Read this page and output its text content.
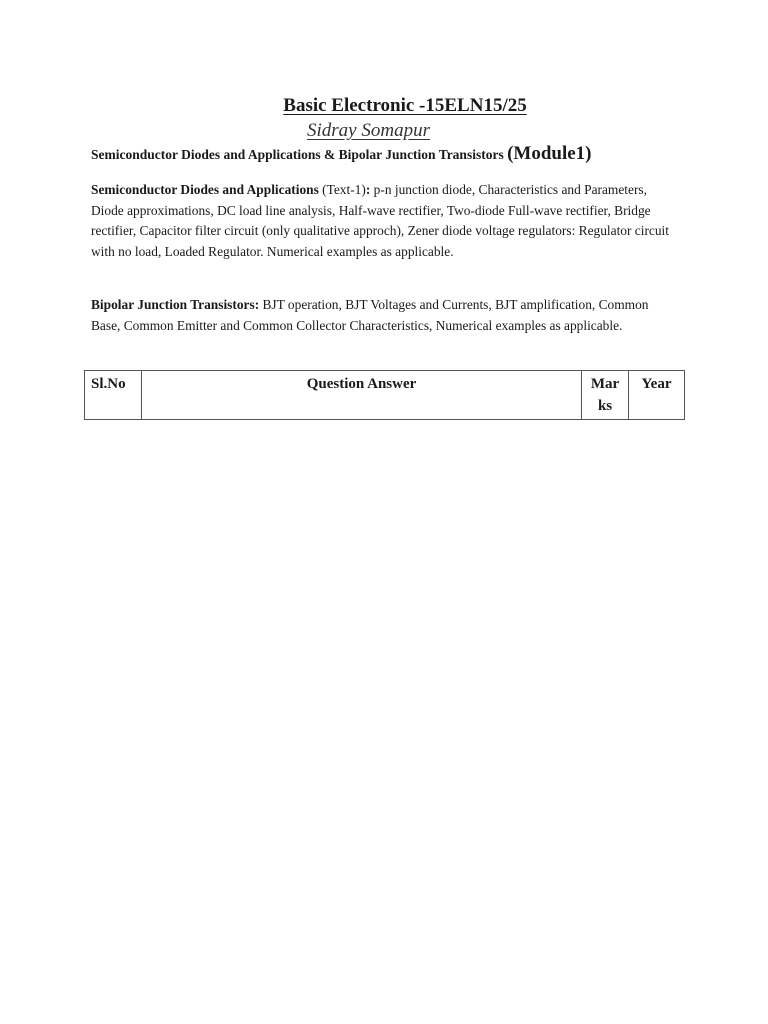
Basic Electronic -15ELN15/25
Sidray Somapur

Semiconductor Diodes and Applications & Bipolar Junction Transistors (Module1)

Semiconductor Diodes and Applications (Text-1): p-n junction diode, Characteristics and Parameters, Diode approximations, DC load line analysis, Half-wave rectifier, Two-diode Full-wave rectifier, Bridge rectifier, Capacitor filter circuit (only qualitative approch), Zener diode voltage regulators: Regulator circuit with no load, Loaded Regulator. Numerical examples as applicable.

Bipolar Junction Transistors: BJT operation, BJT Voltages and Currents, BJT amplification, Common Base, Common Emitter and Common Collector Characteristics, Numerical examples as applicable.

Sl.No	Question Answer	Marks	Year
